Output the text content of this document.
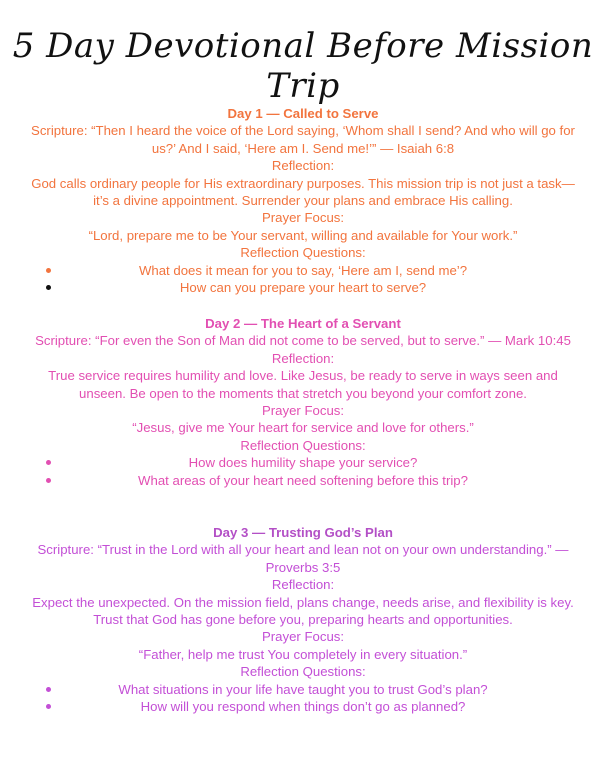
5 Day Devotional Before Mission Trip

Day 1 — Called to Serve

Scripture: “Then I heard the voice of the Lord saying, ‘Whom shall I send? And who will go for us?’ And I said, ‘Here am I. Send me!’” — Isaiah 6:8

Reflection:

God calls ordinary people for His extraordinary purposes. This mission trip is not just a task—it’s a divine appointment. Surrender your plans and embrace His calling.

Prayer Focus:

“Lord, prepare me to be Your servant, willing and available for Your work.”

Reflection Questions:

What does it mean for you to say, ‘Here am I, send me’?
How can you prepare your heart to serve?

Day 2 — The Heart of a Servant

Scripture: “For even the Son of Man did not come to be served, but to serve.” — Mark 10:45

Reflection:

True service requires humility and love. Like Jesus, be ready to serve in ways seen and unseen. Be open to the moments that stretch you beyond your comfort zone.

Prayer Focus:

“Jesus, give me Your heart for service and love for others.”

Reflection Questions:

How does humility shape your service?
What areas of your heart need softening before this trip?

Day 3 — Trusting God’s Plan

Scripture: “Trust in the Lord with all your heart and lean not on your own understanding.” — Proverbs 3:5

Reflection:

Expect the unexpected. On the mission field, plans change, needs arise, and flexibility is key. Trust that God has gone before you, preparing hearts and opportunities.

Prayer Focus:

“Father, help me trust You completely in every situation.”

Reflection Questions:

What situations in your life have taught you to trust God’s plan?
How will you respond when things don’t go as planned?
